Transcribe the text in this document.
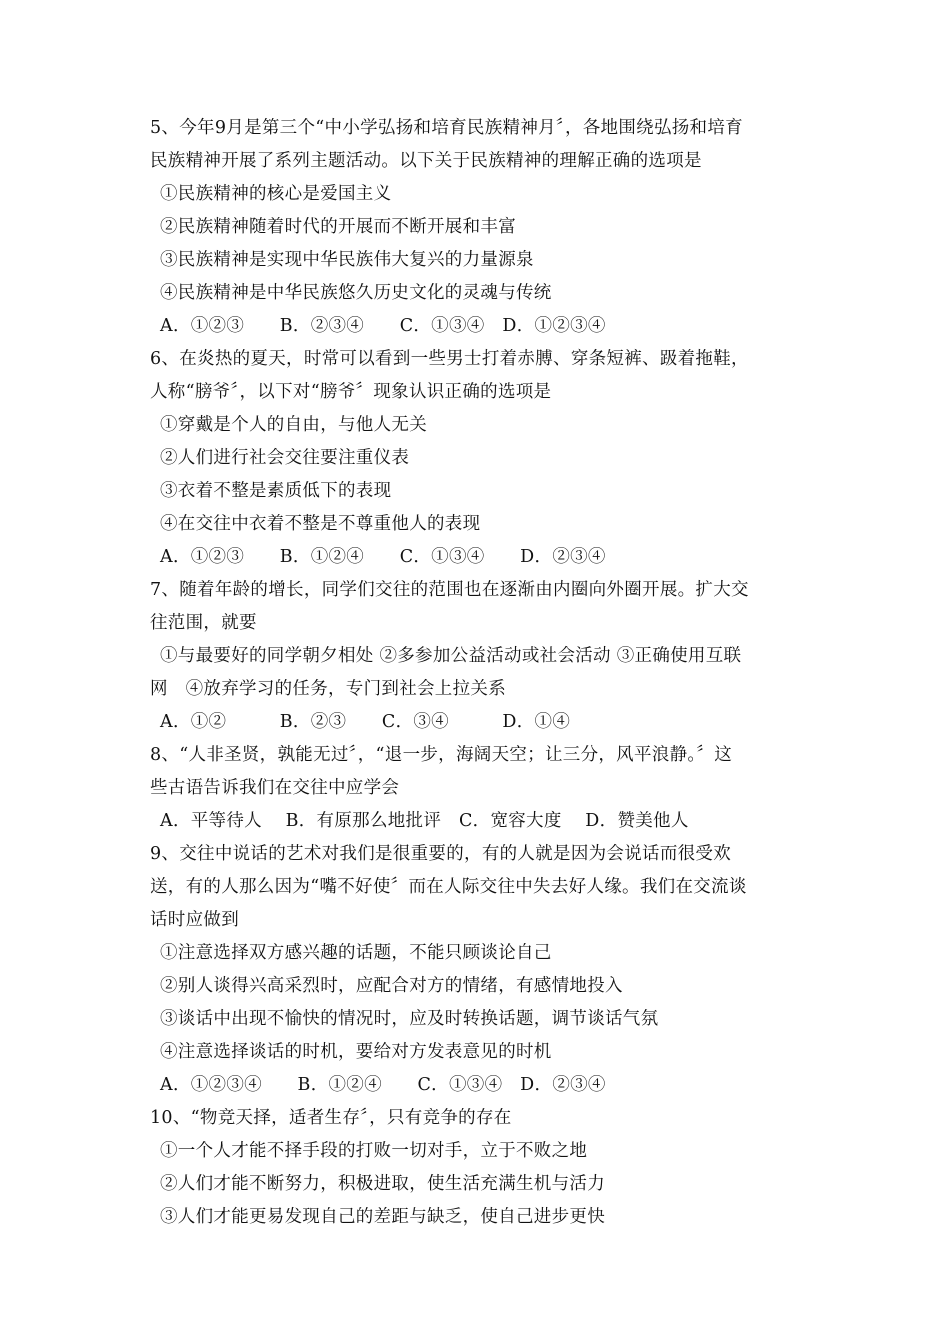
5、今年9月是第三个“中小学弘扬和培育民族精神月〞，各地围绕弘扬和培育
民族精神开展了系列主题活动。以下关于民族精神的理解正确的选项是
①民族精神的核心是爱国主义
②民族精神随着时代的开展而不断开展和丰富
③民族精神是实现中华民族伟大复兴的力量源泉
④民族精神是中华民族悠久历史文化的灵魂与传统
A．①②③　　B．②③④　　C．①③④　D．①②③④
6、在炎热的夏天，时常可以看到一些男士打着赤膊、穿条短裤、趿着拖鞋，
人称“膀爷〞，以下对“膀爷〞现象认识正确的选项是
①穿戴是个人的自由，与他人无关
②人们进行社会交往要注重仪表
③衣着不整是素质低下的表现
④在交往中衣着不整是不尊重他人的表现
A．①②③　　B．①②④　　C．①③④　　D．②③④
7、随着年龄的增长，同学们交往的范围也在逐渐由内圈向外圈开展。扩大交
往范围，就要
①与最要好的同学朝夕相处 ②多参加公益活动或社会活动 ③正确使用互联
网　④放弃学习的任务，专门到社会上拉关系
A．①②　　　B．②③　　C．③④　　　D．①④
8、“人非圣贤，孰能无过〞，“退一步，海阔天空；让三分，风平浪静。〞这
些古语告诉我们在交往中应学会
A．平等待人　 B．有原那么地批评　C．宽容大度　 D．赞美他人
9、交往中说话的艺术对我们是很重要的，有的人就是因为会说话而很受欢
送，有的人那么因为“嘴不好使〞而在人际交往中失去好人缘。我们在交流谈
话时应做到
①注意选择双方感兴趣的话题，不能只顾谈论自己
②别人谈得兴高采烈时，应配合对方的情绪，有感情地投入
③谈话中出现不愉快的情况时，应及时转换话题，调节谈话气氛
④注意选择谈话的时机，要给对方发表意见的时机
A．①②③④　　B．①②④　　C．①③④　D．②③④
10、“物竞天择，适者生存〞，只有竞争的存在
①一个人才能不择手段的打败一切对手，立于不败之地
②人们才能不断努力，积极进取，使生活充满生机与活力
③人们才能更易发现自己的差距与缺乏，使自己进步更快
